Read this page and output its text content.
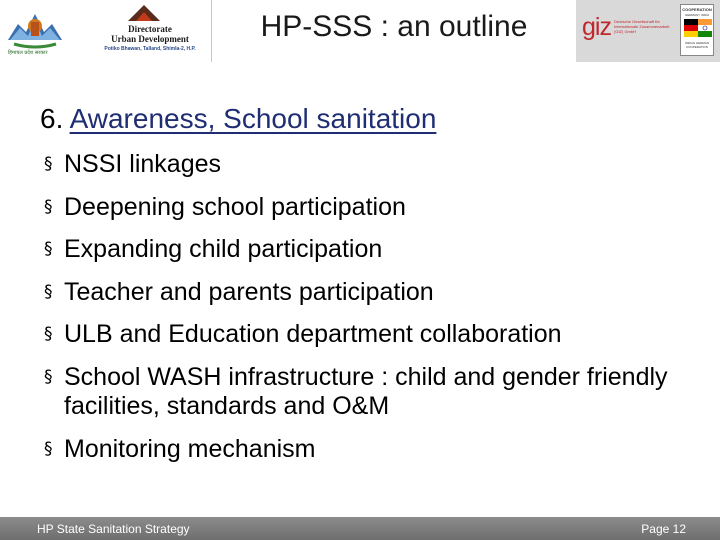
हिमाचल प्रदेश सरकार
Directorate
Urban Development
Potiko Bhawan, Talland, Shimla-2, H.P.
HP-SSS : an outline	giz Deutsche Gesellschaft für Internationale Zusammenarbeit (GIZ) GmbH
COOPERATION
GERMANY INDIA
INDIAN GERMAN COOPERATION
6. Awareness, School sanitation
§ NSSI linkages
§ Deepening school participation
§ Expanding child participation
§ Teacher and parents participation
§ ULB and Education department collaboration
§ School WASH infrastructure : child and gender friendly facilities, standards and O&M
§ Monitoring mechanism
HP State Sanitation Strategy	Page 12
